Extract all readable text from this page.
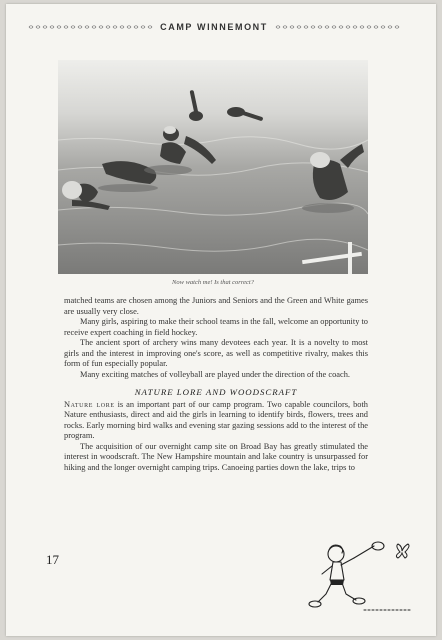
CAMP WINNEMONT
Now watch me! Is that correct?

matched teams are chosen among the Juniors and Seniors and the Green and White games are usually very close.

Many girls, aspiring to make their school teams in the fall, welcome an opportunity to receive expert coaching in field hockey.

The ancient sport of archery wins many devotees each year. It is a novelty to most girls and the interest in improving one's score, as well as competitive rivalry, makes this form of fun especially popular.

Many exciting matches of volleyball are played under the direction of the coach.

NATURE LORE AND WOODSCRAFT

Nature lore is an important part of our camp program. Two capable councilors, both Nature enthusiasts, direct and aid the girls in learning to identify birds, flowers, trees and rocks. Early morning bird walks and evening star gazing sessions add to the interest of the program.

The acquisition of our overnight camp site on Broad Bay has greatly stimulated the interest in woodscraft. The New Hampshire mountain and lake country is unsurpassed for hiking and the longer overnight camping trips. Canoeing parties down the lake, trips to

17
